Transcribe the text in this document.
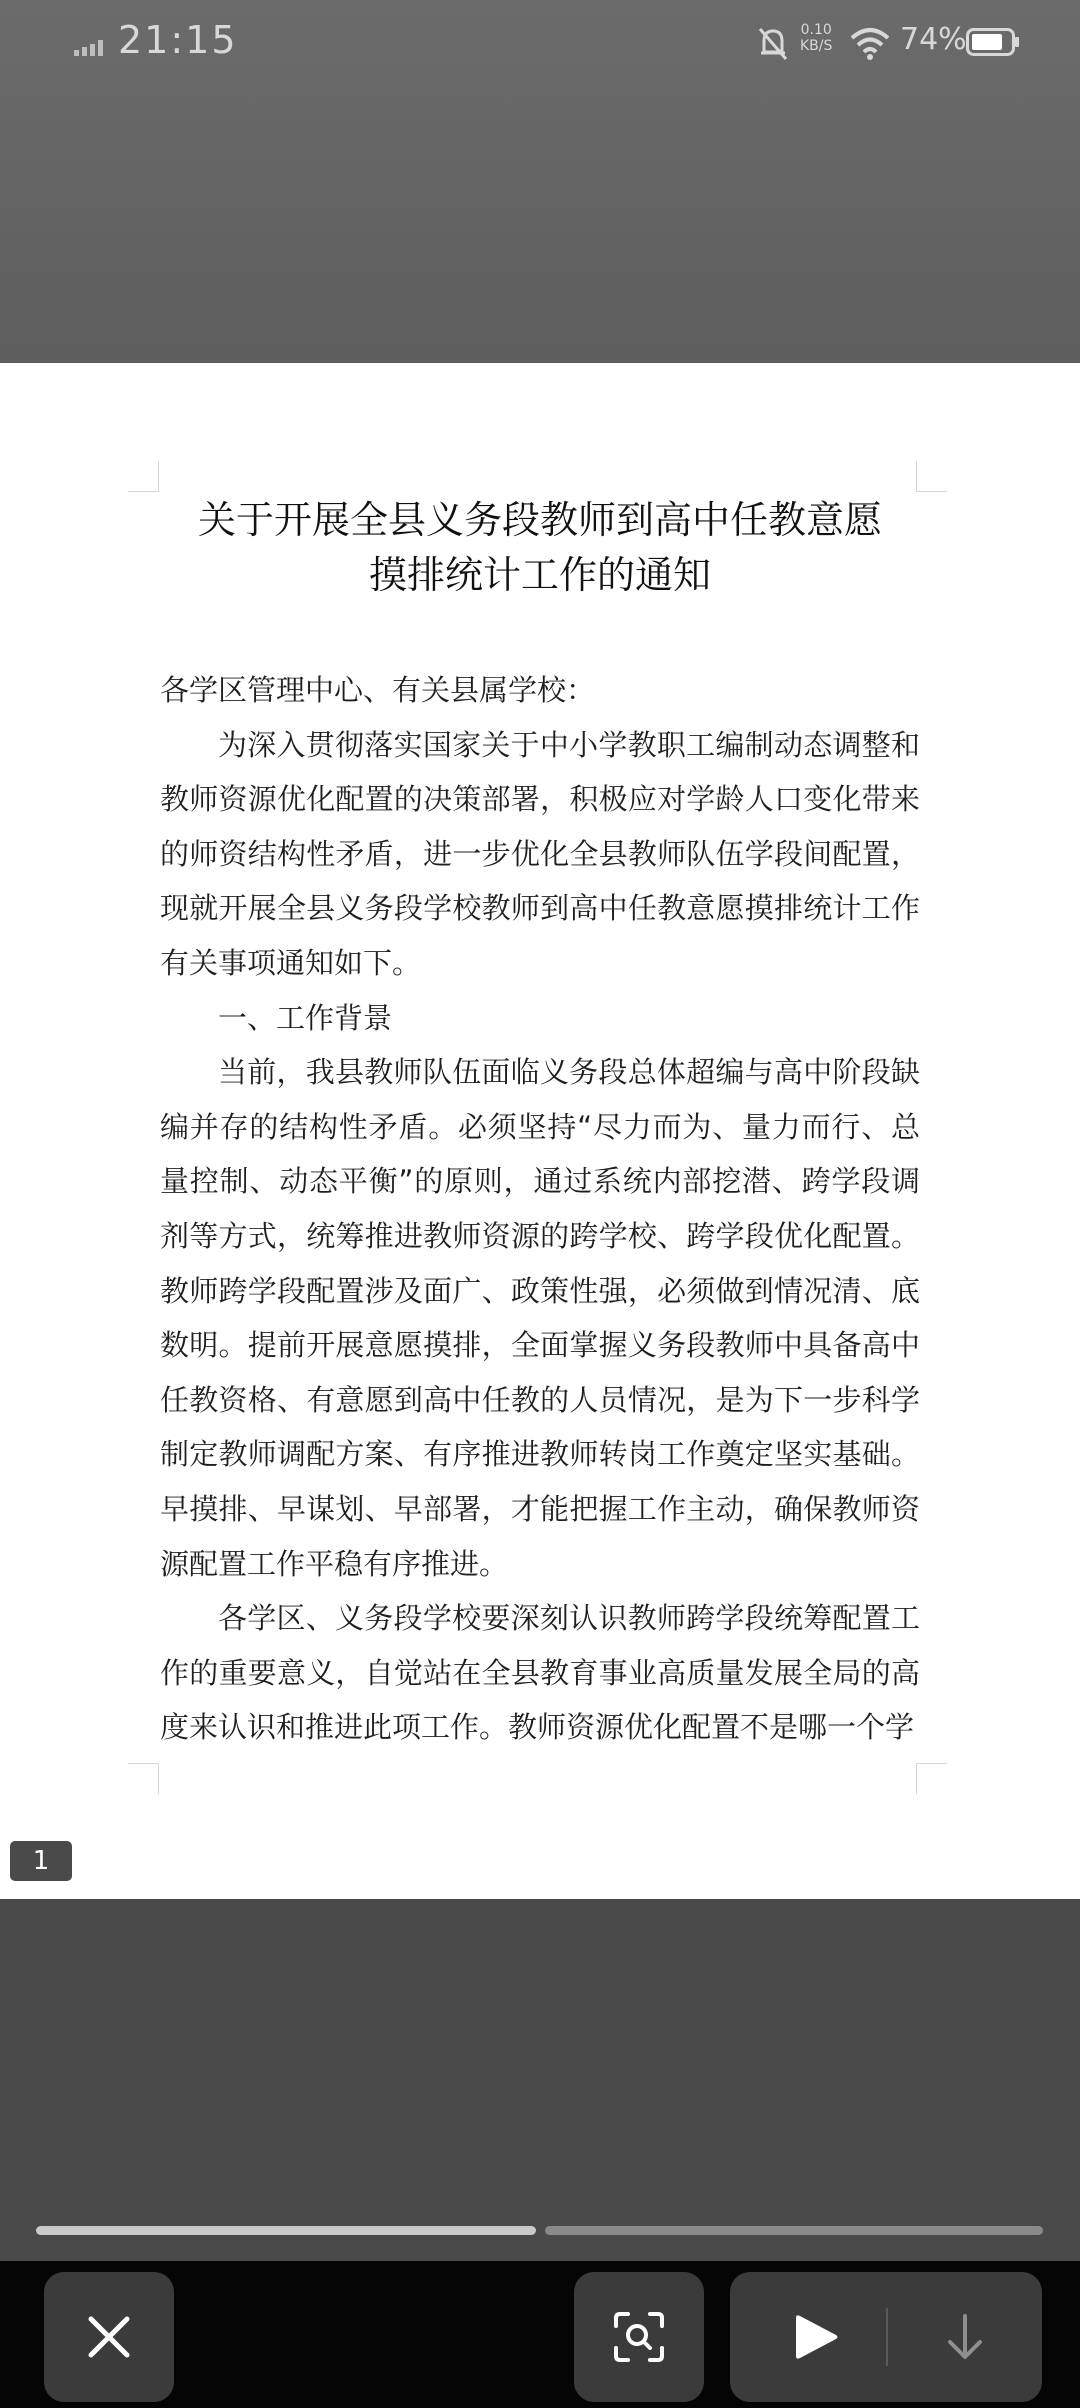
21:15	0.10
KB/S 74%
关于开展全县义务段教师到高中任教意愿
摸排统计工作的通知

各学区管理中心、有关县属学校：

为深入贯彻落实国家关于中小学教职工编制动态调整和教师资源优化配置的决策部署，积极应对学龄人口变化带来的师资结构性矛盾，进一步优化全县教师队伍学段间配置，现就开展全县义务段学校教师到高中任教意愿摸排统计工作有关事项通知如下。

一、工作背景

当前，我县教师队伍面临义务段总体超编与高中阶段缺编并存的结构性矛盾。必须坚持“尽力而为、量力而行、总量控制、动态平衡”的原则，通过系统内部挖潜、跨学段调剂等方式，统筹推进教师资源的跨学校、跨学段优化配置。教师跨学段配置涉及面广、政策性强，必须做到情况清、底数明。提前开展意愿摸排，全面掌握义务段教师中具备高中任教资格、有意愿到高中任教的人员情况，是为下一步科学制定教师调配方案、有序推进教师转岗工作奠定坚实基础。早摸排、早谋划、早部署，才能把握工作主动，确保教师资源配置工作平稳有序推进。

各学区、义务段学校要深刻认识教师跨学段统筹配置工作的重要意义，自觉站在全县教育事业高质量发展全局的高度来认识和推进此项工作。教师资源优化配置不是哪一个学

1
